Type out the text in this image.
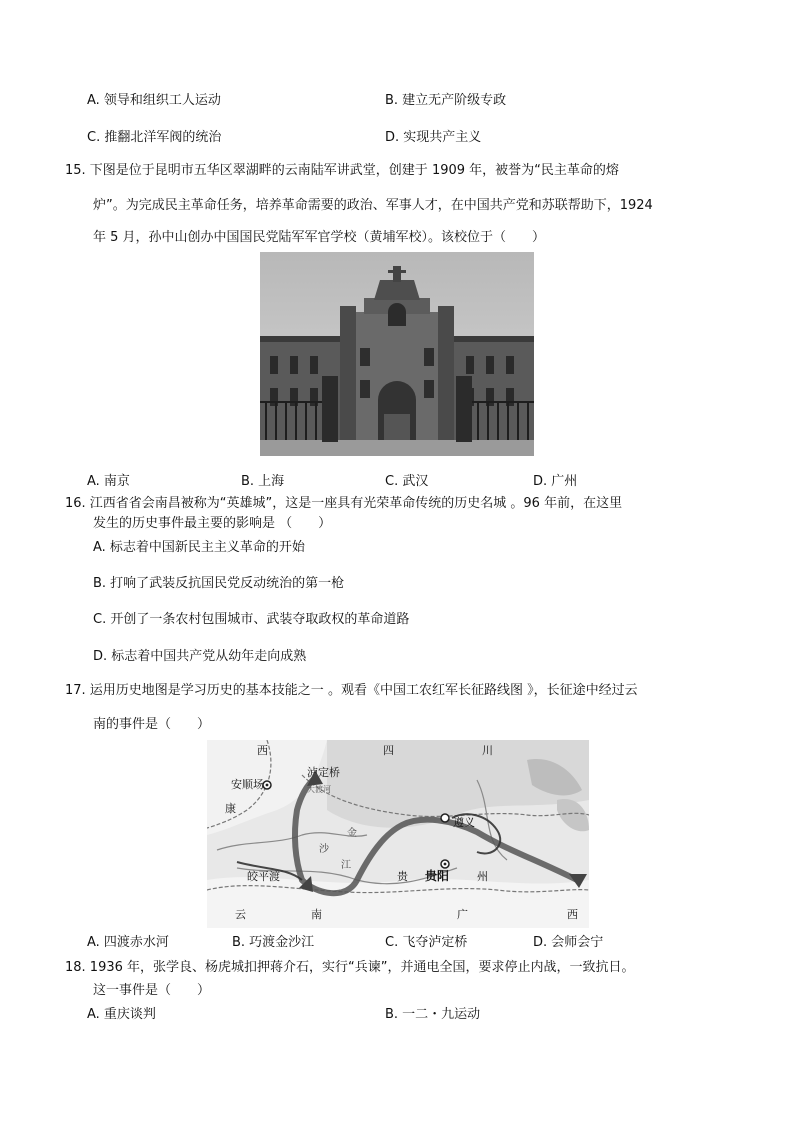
A. 领导和组织工人运动	B. 建立无产阶级专政
C. 推翻北洋军阀的统治	D. 实现共产主义
15. 下图是位于昆明市五华区翠湖畔的云南陆军讲武堂，创建于 1909 年，被誉为“民主革命的熔
炉”。为完成民主革命任务，培养革命需要的政治、军事人才，在中国共产党和苏联帮助下，1924
年 5 月，孙中山创办中国国民党陆军军官学校（黄埔军校）。该校位于（　　）
A. 南京	B. 上海	C. 武汉	D. 广州
16. 江西省省会南昌被称为“英雄城”，这是一座具有光荣革命传统的历史名城 。96 年前，在这里
发生的历史事件最主要的影响是 （　　）
A. 标志着中国新民主主义革命的开始
B. 打响了武装反抗国民党反动统治的第一枪
C. 开创了一条农村包围城市、武装夺取政权的革命道路
D. 标志着中国共产党从幼年走向成熟
17. 运用历史地图是学习历史的基本技能之一 。观看《中国工农红军长征路线图 》，长征途中经过云
南的事件是（　　）
西	四	川
安顺场
泸定桥
大渡河
康
遵义
金
沙
江
皎平渡	贵 贵阳	州
云	南	广	西
A. 四渡赤水河	B. 巧渡金沙江	C. 飞夺泸定桥	D. 会师会宁
18. 1936 年，张学良、杨虎城扣押蒋介石，实行“兵谏”，并通电全国，要求停止内战，一致抗日。
这一事件是（　　）
A. 重庆谈判	B. 一二・九运动
